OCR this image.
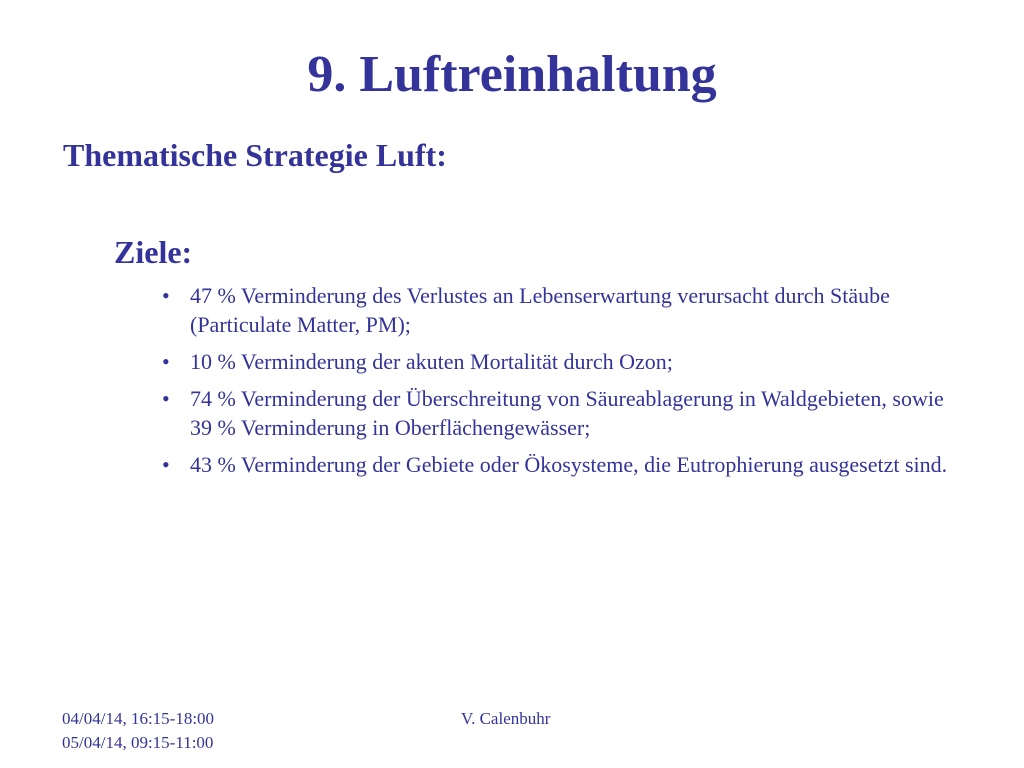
9. Luftreinhaltung
Thematische Strategie Luft:
Ziele:
• 47 % Verminderung des Verlustes an Lebenserwartung verursacht durch Stäube (Particulate Matter, PM);
• 10 % Verminderung der akuten Mortalität durch Ozon;
• 74 % Verminderung der Überschreitung von Säureablagerung in Waldgebieten, sowie 39 % Verminderung in Oberflächengewässer;
• 43 % Verminderung der Gebiete oder Ökosysteme, die Eutrophierung ausgesetzt sind.
04/04/14, 16:15-18:00
05/04/14, 09:15-11:00
V. Calenbuhr
